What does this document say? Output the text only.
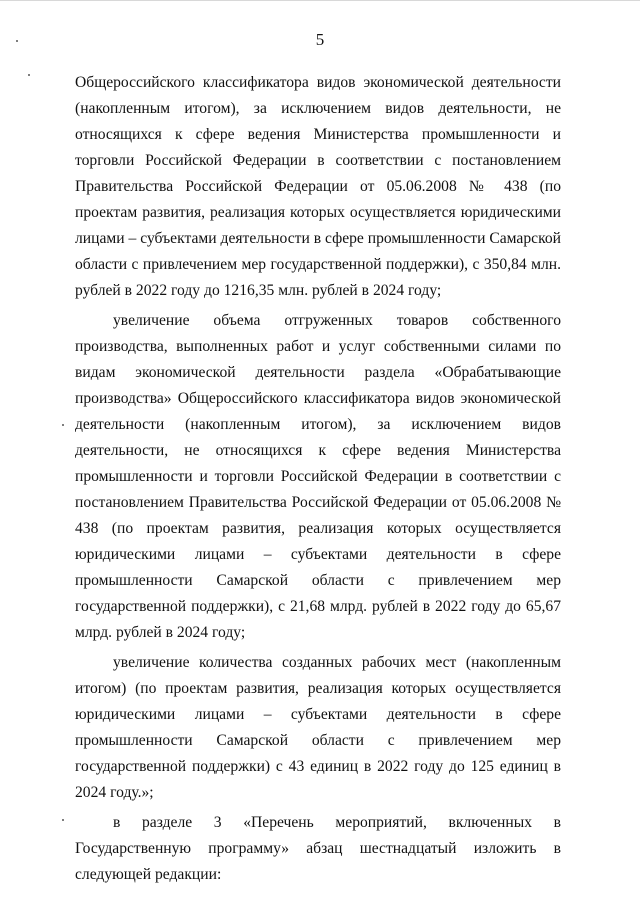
5

Общероссийского классификатора видов экономической деятельности (накопленным итогом), за исключением видов деятельности, не относящихся к сфере ведения Министерства промышленности и торговли Российской Федерации в соответствии с постановлением Правительства Российской Федерации от 05.06.2008 № 438 (по проектам развития, реализация которых осуществляется юридическими лицами – субъектами деятельности в сфере промышленности Самарской области с привлечением мер государственной поддержки), с 350,84 млн. рублей в 2022 году до 1216,35 млн. рублей в 2024 году;

увеличение объема отгруженных товаров собственного производства, выполненных работ и услуг собственными силами по видам экономической деятельности раздела «Обрабатывающие производства» Общероссийского классификатора видов экономической деятельности (накопленным итогом), за исключением видов деятельности, не относящихся к сфере ведения Министерства промышленности и торговли Российской Федерации в соответствии с постановлением Правительства Российской Федерации от 05.06.2008 № 438 (по проектам развития, реализация которых осуществляется юридическими лицами – субъектами деятельности в сфере промышленности Самарской области с привлечением мер государственной поддержки), с 21,68 млрд. рублей в 2022 году до 65,67 млрд. рублей в 2024 году;

увеличение количества созданных рабочих мест (накопленным итогом) (по проектам развития, реализация которых осуществляется юридическими лицами – субъектами деятельности в сфере промышленности Самарской области с привлечением мер государственной поддержки) с 43 единиц в 2022 году до 125 единиц в 2024 году.»;

в разделе 3 «Перечень мероприятий, включенных в Государственную программу» абзац шестнадцатый изложить в следующей редакции:
